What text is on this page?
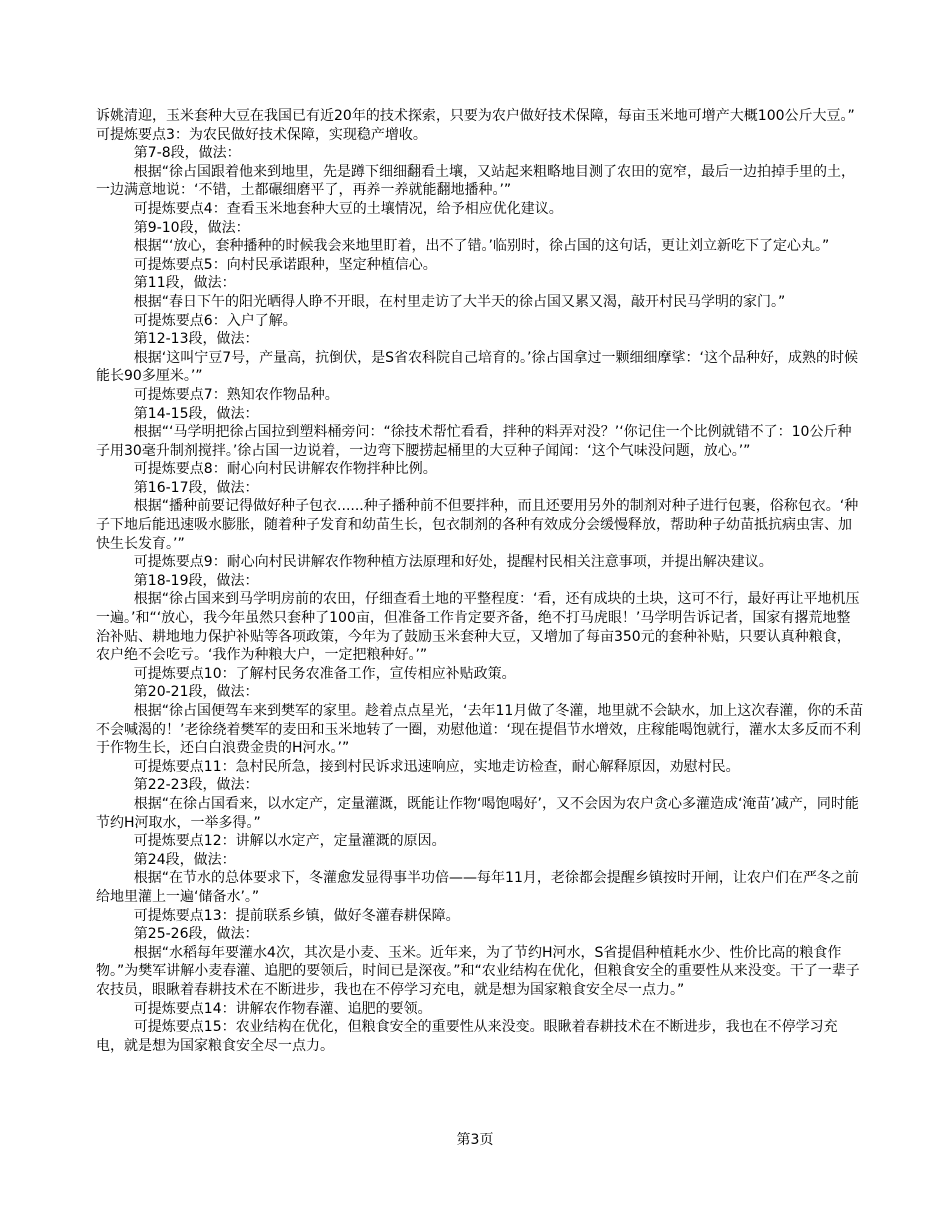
诉姚清迎，玉米套种大豆在我国已有近20年的技术探索，只要为农户做好技术保障，每亩玉米地可增产大概100公斤大豆。”

可提炼要点3：为农民做好技术保障，实现稳产增收。

第7-8段，做法：

根据“徐占国跟着他来到地里，先是蹲下细细翻看土壤，又站起来粗略地目测了农田的宽窄，最后一边拍掉手里的土，一边满意地说：‘不错，土都碾细磨平了，再养一养就能翻地播种。’”

可提炼要点4：查看玉米地套种大豆的土壤情况，给予相应优化建议。

第9-10段，做法：

根据“‘放心，套种播种的时候我会来地里盯着，出不了错。’临别时，徐占国的这句话，更让刘立新吃下了定心丸。”

可提炼要点5：向村民承诺跟种，坚定种植信心。

第11段，做法：

根据“春日下午的阳光晒得人睁不开眼，在村里走访了大半天的徐占国又累又渴，敲开村民马学明的家门。”

可提炼要点6：入户了解。

第12-13段，做法：

根据‘这叫宁豆7号，产量高，抗倒伏，是S省农科院自己培育的。’徐占国拿过一颗细细摩挲：‘这个品种好，成熟的时候能长90多厘米。’”

可提炼要点7：熟知农作物品种。

第14-15段，做法：

根据“‘马学明把徐占国拉到塑料桶旁问：“徐技术帮忙看看，拌种的料弄对没？’‘你记住一个比例就错不了：10公斤种子用30毫升制剂搅拌。’徐占国一边说着，一边弯下腰捞起桶里的大豆种子闻闻：‘这个气味没问题，放心。’”

可提炼要点8：耐心向村民讲解农作物拌种比例。

第16-17段，做法：

根据“播种前要记得做好种子包衣......种子播种前不但要拌种，而且还要用另外的制剂对种子进行包裹，俗称包衣。‘种子下地后能迅速吸水膨胀，随着种子发育和幼苗生长，包衣制剂的各种有效成分会缓慢释放，帮助种子幼苗抵抗病虫害、加快生长发育。’”

可提炼要点9：耐心向村民讲解农作物种植方法原理和好处，提醒村民相关注意事项，并提出解决建议。

第18-19段，做法：

根据“徐占国来到马学明房前的农田，仔细查看土地的平整程度：‘看，还有成块的土块，这可不行，最好再让平地机压一遍。’和“‘放心，我今年虽然只套种了100亩，但准备工作肯定要齐备，绝不打马虎眼！’马学明告诉记者，国家有撂荒地整治补贴、耕地地力保护补贴等各项政策，今年为了鼓励玉米套种大豆，又增加了每亩350元的套种补贴，只要认真种粮食，农户绝不会吃亏。‘我作为种粮大户，一定把粮种好。’”

可提炼要点10：了解村民务农准备工作，宣传相应补贴政策。

第20-21段，做法：

根据“徐占国便驾车来到樊军的家里。趁着点点星光，‘去年11月做了冬灌，地里就不会缺水，加上这次春灌，你的禾苗不会喊渴的！’老徐绕着樊军的麦田和玉米地转了一圈，劝慰他道：‘现在提倡节水增效，庄稼能喝饱就行，灌水太多反而不利于作物生长，还白白浪费金贵的H河水。’”

可提炼要点11：急村民所急，接到村民诉求迅速响应，实地走访检查，耐心解释原因，劝慰村民。

第22-23段，做法：

根据“在徐占国看来，以水定产，定量灌溉，既能让作物‘喝饱喝好’，又不会因为农户贪心多灌造成‘淹苗’减产，同时能节约H河取水，一举多得。”

可提炼要点12：讲解以水定产，定量灌溉的原因。

第24段，做法：

根据“在节水的总体要求下，冬灌愈发显得事半功倍——每年11月，老徐都会提醒乡镇按时开闸，让农户们在严冬之前给地里灌上一遍‘储备水’。”

可提炼要点13：提前联系乡镇，做好冬灌春耕保障。

第25-26段，做法：

根据“水稻每年要灌水4次，其次是小麦、玉米。近年来，为了节约H河水，S省提倡种植耗水少、性价比高的粮食作物。”为樊军讲解小麦春灌、追肥的要领后，时间已是深夜。”和“农业结构在优化，但粮食安全的重要性从来没变。干了一辈子农技员，眼瞅着春耕技术在不断进步，我也在不停学习充电，就是想为国家粮食安全尽一点力。”

可提炼要点14：讲解农作物春灌、追肥的要领。

可提炼要点15：农业结构在优化，但粮食安全的重要性从来没变。眼瞅着春耕技术在不断进步，我也在不停学习充电，就是想为国家粮食安全尽一点力。

第3页
